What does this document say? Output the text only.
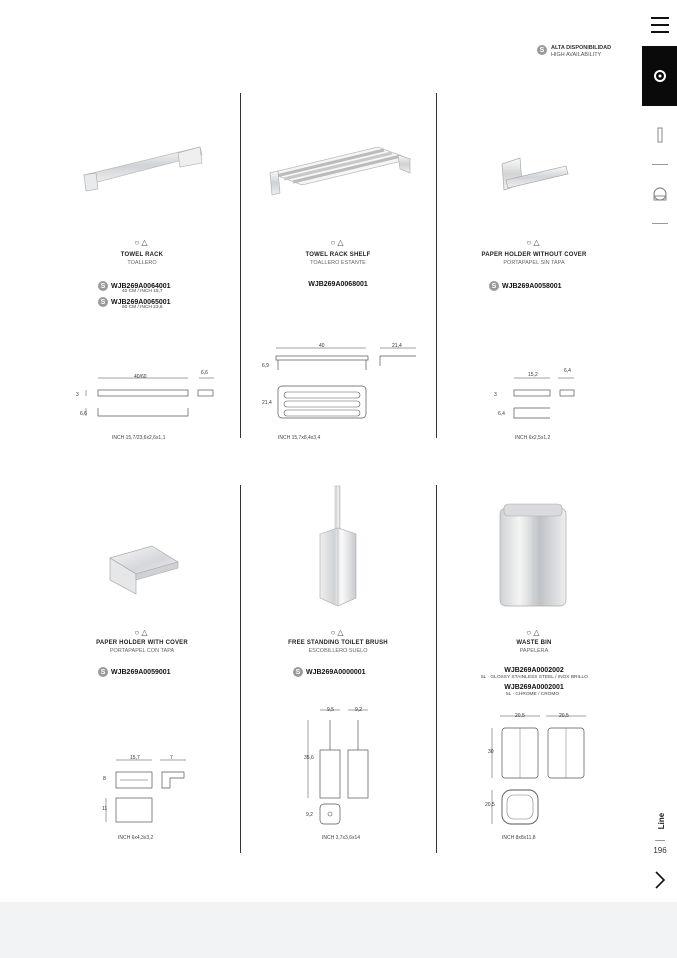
Line
196
S	ALTA DISPONIBILIDAD
HIGH AVAILABILITY
○△
TOWEL RACK
TOALLERO
S WJB269A0064001
40 CM / INCH 15,7
S WJB269A0065001
60 CM / INCH 23,6
40/60
6,6
3
6,6
INCH 15,7/23,6x2,6x1,1
○△
TOWEL RACK SHELF
TOALLERO ESTANTE
WJB269A0068001
40	21,4
6,9
21,4
INCH 15,7x8,4x3,4
○△
PAPER HOLDER WITHOUT COVER
PORTAPAPEL SIN TAPA
S WJB269A0058001
15,2
6,4
3
6,4
INCH 6x2,5x1,2
○△
PAPER HOLDER WITH COVER
PORTAPAPEL CON TAPA
S WJB269A0059001
15,7	7
8
11
INCH 6x4,3x3,2
○△
FREE STANDING TOILET BRUSH
ESCOBILLERO SUELO
S WJB269A0000001
9,5	9,2
35,6
9,2
INCH 3,7x3,6x14
○△
WASTE BIN
PAPELERA
WJB269A0002002
5L · GLOSSY STAINLESS STEEL / INOX BRILLO
WJB269A0002001
5L · CHROME / CROMO
20,5	20,5
30
20,5
INCH 8x8x11,8
